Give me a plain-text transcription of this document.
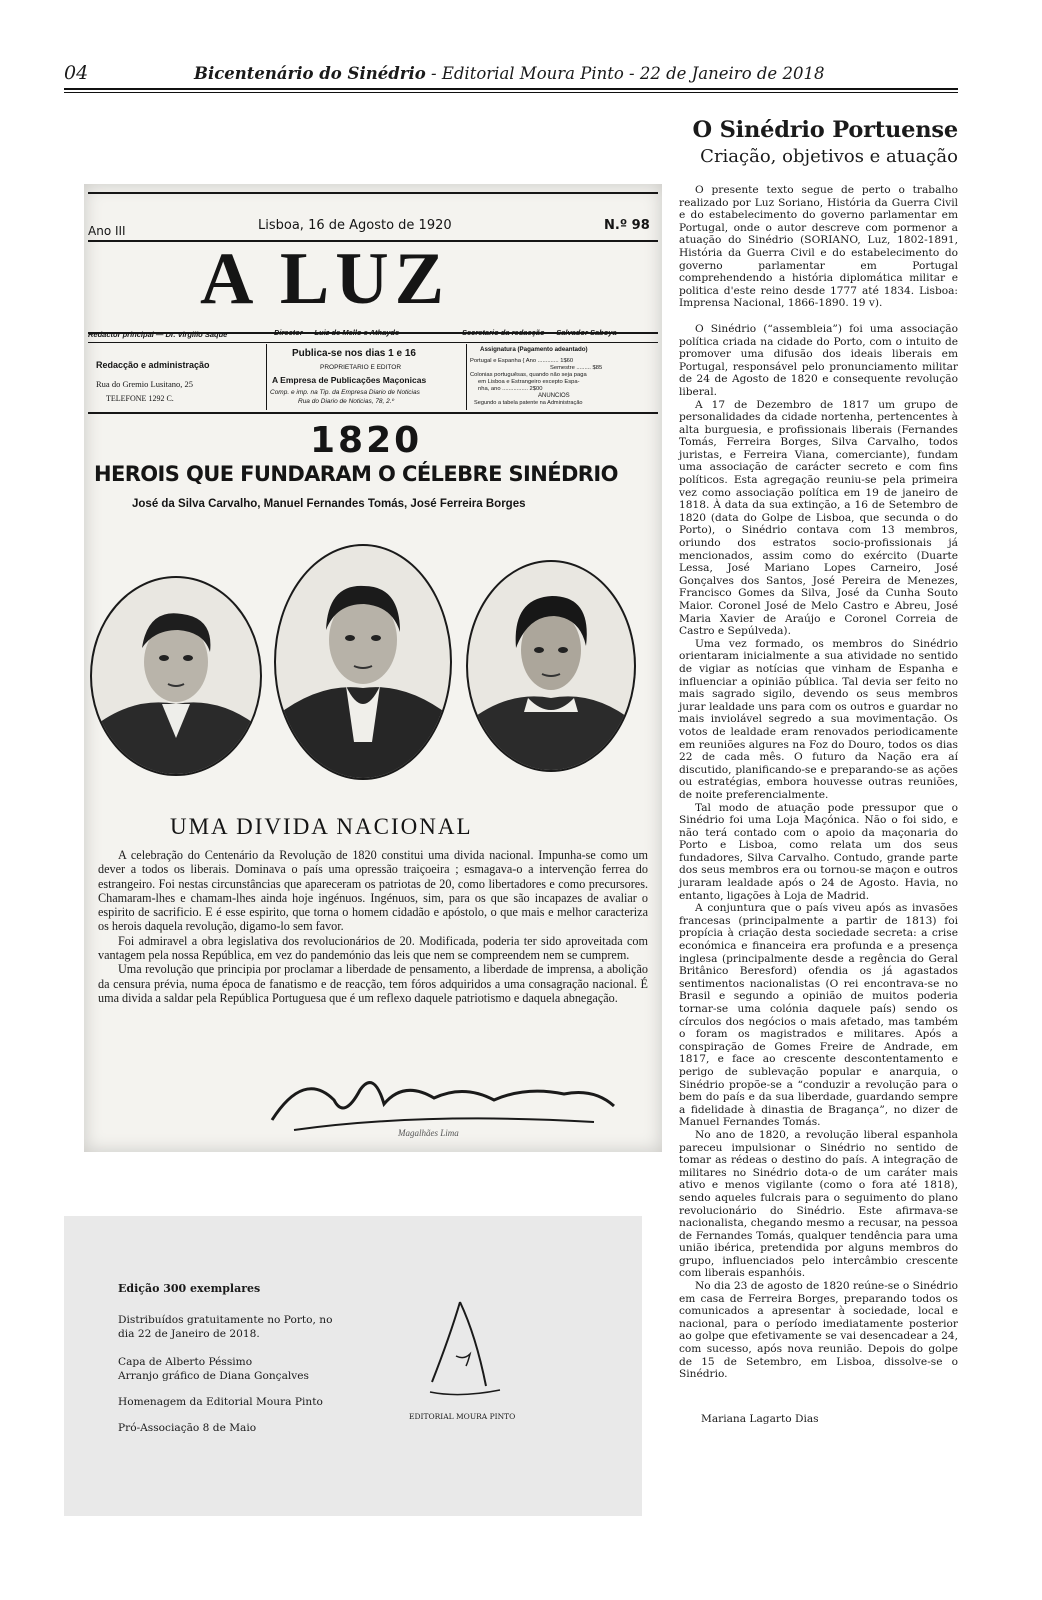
04	Bicentenário do Sinédrio - Editorial Moura Pinto - 22 de Janeiro de 2018
O Sinédrio Portuense
Criação, objetivos e atuação

O presente texto segue de perto o trabalho realizado por Luz Soriano, História da Guerra Civil e do estabelecimento do governo parlamentar em Portugal, onde o autor descreve com pormenor a atuação do Sinédrio (SORIANO, Luz, 1802-1891, História da Guerra Civil e do estabelecimento do governo parlamentar em Portugal comprehendendo a história diplomática militar e politica d'este reino desde 1777 até 1834. Lisboa: Imprensa Nacional, 1866-1890. 19 v).

O Sinédrio (“assembleia”) foi uma associação política criada na cidade do Porto, com o intuito de promover uma difusão dos ideais liberais em Portugal, responsável pelo pronunciamento militar de 24 de Agosto de 1820 e consequente revolução liberal.

A 17 de Dezembro de 1817 um grupo de personalidades da cidade nortenha, pertencentes à alta burguesia, e profissionais liberais (Fernandes Tomás, Ferreira Borges, Silva Carvalho, todos juristas, e Ferreira Viana, comerciante), fundam uma associação de carácter secreto e com fins políticos. Esta agregação reuniu-se pela primeira vez como associação política em 19 de janeiro de 1818. À data da sua extinção, a 16 de Setembro de 1820 (data do Golpe de Lisboa, que secunda o do Porto), o Sinédrio contava com 13 membros, oriundo dos estratos socio-profissionais já mencionados, assim como do exército (Duarte Lessa, José Mariano Lopes Carneiro, José Gonçalves dos Santos, José Pereira de Menezes, Francisco Gomes da Silva, José da Cunha Souto Maior. Coronel José de Melo Castro e Abreu, José Maria Xavier de Araújo e Coronel Correia de Castro e Sepúlveda).

Uma vez formado, os membros do Sinédrio orientaram inicialmente a sua atividade no sentido de vigiar as notícias que vinham de Espanha e influenciar a opinião pública. Tal devia ser feito no mais sagrado sigilo, devendo os seus membros jurar lealdade uns para com os outros e guardar no mais inviolável segredo a sua movimentação. Os votos de lealdade eram renovados periodicamente em reuniões algures na Foz do Douro, todos os dias 22 de cada mês. O futuro da Nação era aí discutido, planificando-se e preparando-se as ações ou estratégias, embora houvesse outras reuniões, de noite preferencialmente.

Tal modo de atuação pode pressupor que o Sinédrio foi uma Loja Maçónica. Não o foi sido, e não terá contado com o apoio da maçonaria do Porto e Lisboa, como relata um dos seus fundadores, Silva Carvalho. Contudo, grande parte dos seus membros era ou tornou-se maçon e outros juraram lealdade após o 24 de Agosto. Havia, no entanto, ligações à Loja de Madrid.

A conjuntura que o país viveu após as invasões francesas (principalmente a partir de 1813) foi propícia à criação desta sociedade secreta: a crise económica e financeira era profunda e a presença inglesa (principalmente desde a regência do Geral Britânico Beresford) ofendia os já agastados sentimentos nacionalistas (O rei encontrava-se no Brasil e segundo a opinião de muitos poderia tornar-se uma colónia daquele país) sendo os círculos dos negócios o mais afetado, mas também o foram os magistrados e militares. Após a conspiração de Gomes Freire de Andrade, em 1817, e face ao crescente descontentamento e perigo de sublevação popular e anarquia, o Sinédrio propõe-se a “conduzir a revolução para o bem do país e da sua liberdade, guardando sempre a fidelidade à dinastia de Bragança”, no dizer de Manuel Fernandes Tomás.

No ano de 1820, a revolução liberal espanhola pareceu impulsionar o Sinédrio no sentido de tomar as rédeas o destino do país. A integração de militares no Sinédrio dota-o de um caráter mais ativo e menos vigilante (como o fora até 1818), sendo aqueles fulcrais para o seguimento do plano revolucionário do Sinédrio. Este afirmava-se nacionalista, chegando mesmo a recusar, na pessoa de Fernandes Tomás, qualquer tendência para uma união ibérica, pretendida por alguns membros do grupo, influenciados pelo intercâmbio crescente com liberais espanhóis.

No dia 23 de agosto de 1820 reúne-se o Sinédrio em casa de Ferreira Borges, preparando todos os comunicados a apresentar à sociedade, local e nacional, para o período imediatamente posterior ao golpe que efetivamente se vai desencadear a 24, com sucesso, após nova reunião. Depois do golpe de 15 de Setembro, em Lisboa, dissolve-se o Sinédrio.

Mariana Lagarto Dias

Ano III	Lisboa, 16 de Agosto de 1920	N.º 98
A LUZ
Redactor principal — Dr. Virgilio Saque	Director — Luiz de Mello e Athayde	Secretario da redacção — Salvador Saboya
Redacção e administração
Rua do Gremio Lusitano, 25
TELEFONE 1292 C.
Publica-se nos dias 1 e 16
PROPRIETARIO E EDITOR
A Empresa de Publicações Maçonicas
Comp. e imp. na Tip. da Empresa Diario de Noticias
Rua do Diario de Noticias, 78, 2.º
Assignatura (Pagamento adeantado)
Portugal e Espanha { Ano ............. 1$60
Semestre ......... $85
Colonias portuguêsas, quando não seja paga
em Lisboa e Estrangeiro excepto Espa-
nha, ano ................ 2$00
ANUNCIOS
Segundo a tabela patente na Administração
1820
HEROIS QUE FUNDARAM O CÉLEBRE SINÉDRIO
José da Silva Carvalho, Manuel Fernandes Tomás, José Ferreira Borges
UMA DIVIDA NACIONAL

A celebração do Centenário da Revolução de 1820 constitui uma divida nacional. Impunha-se como um dever a todos os liberais. Dominava o país uma opressão traiçoeira ; esmagava-o a intervenção ferrea do estrangeiro. Foi nestas circunstâncias que apareceram os patriotas de 20, como libertadores e como precursores. Chamaram-lhes e chamam-lhes ainda hoje ingénuos. Ingénuos, sim, para os que são incapazes de avaliar o espirito de sacrificio. E é esse espirito, que torna o homem cidadão e apóstolo, o que mais e melhor caracteriza os herois daquela revolução, digamo-lo sem favor.

Foi admiravel a obra legislativa dos revolucionários de 20. Modificada, poderia ter sido aproveitada com vantagem pela nossa República, em vez do pandemónio das leis que nem se compreendem nem se cumprem.

Uma revolução que principia por proclamar a liberdade de pensamento, a liberdade de imprensa, a abolição da censura prévia, numa época de fanatismo e de reacção, tem fóros adquiridos a uma consagração nacional. É uma divida a saldar pela República Portuguesa que é um reflexo daquele patriotismo e daquela abnegação.

Magalhães Lima
Edição 300 exemplares
Distribuídos gratuitamente no Porto, no dia 22 de Janeiro de 2018.
Capa de Alberto Péssimo
Arranjo gráfico de Diana Gonçalves
Homenagem da Editorial Moura Pinto
Pró-Associação 8 de Maio
EDITORIAL MOURA PINTO
